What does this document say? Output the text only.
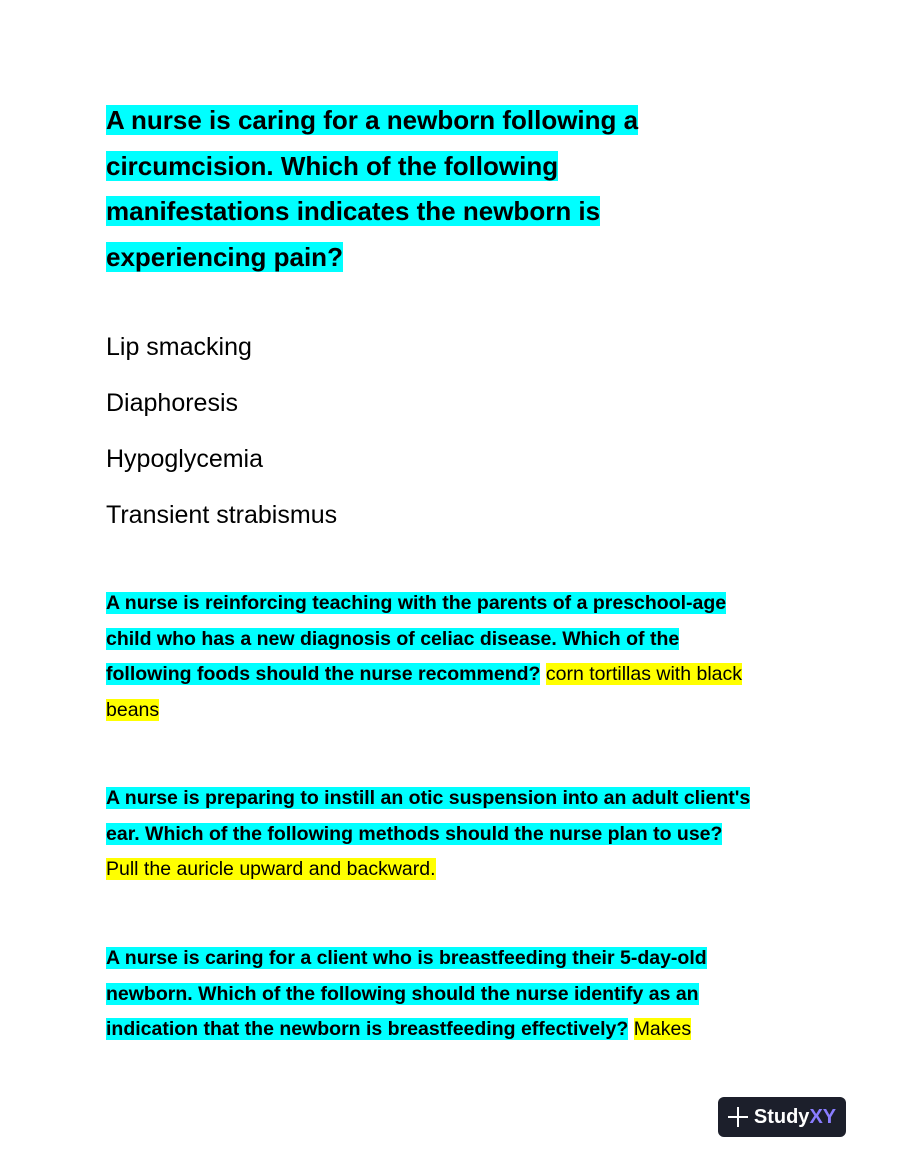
A nurse is caring for a newborn following a circumcision. Which of the following manifestations indicates the newborn is experiencing pain?

Lip smacking
Diaphoresis
Hypoglycemia
Transient strabismus

A nurse is reinforcing teaching with the parents of a preschool-age child who has a new diagnosis of celiac disease. Which of the following foods should the nurse recommend? corn tortillas with black beans

A nurse is preparing to instill an otic suspension into an adult client's ear. Which of the following methods should the nurse plan to use? Pull the auricle upward and backward.

A nurse is caring for a client who is breastfeeding their 5-day-old newborn. Which of the following should the nurse identify as an indication that the newborn is breastfeeding effectively? Makes

StudyXY
